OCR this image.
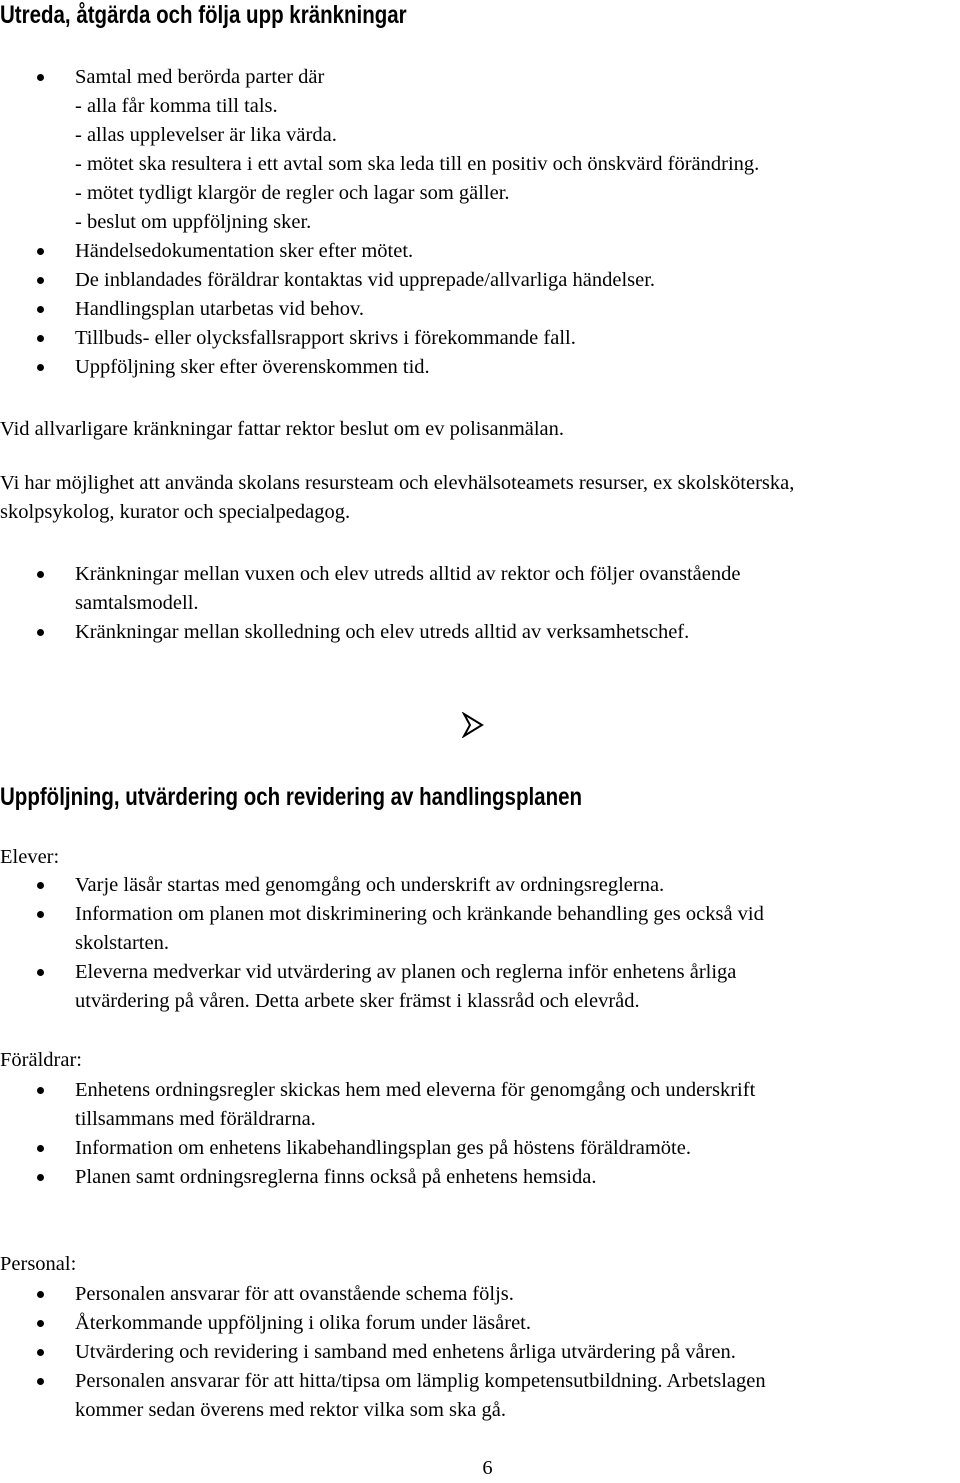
Utreda, åtgärda och följa upp kränkningar
Samtal med berörda parter där
- alla får komma till tals.
- allas upplevelser är lika värda.
- mötet ska resultera i ett avtal som ska leda till en positiv och önskvärd förändring.
- mötet tydligt klargör de regler och lagar som gäller.
- beslut om uppföljning sker.
Händelsedokumentation sker efter mötet.
De inblandades föräldrar kontaktas vid upprepade/allvarliga händelser.
Handlingsplan utarbetas vid behov.
Tillbuds- eller olycksfallsrapport skrivs i förekommande fall.
Uppföljning sker efter överenskommen tid.

Vid allvarligare kränkningar fattar rektor beslut om ev polisanmälan.

Vi har möjlighet att använda skolans resursteam och elevhälsoteamets resurser, ex skolsköterska,
skolpsykolog, kurator och specialpedagog.

Kränkningar mellan vuxen och elev utreds alltid av rektor och följer ovanstående
samtalsmodell.
Kränkningar mellan skolledning och elev utreds alltid av verksamhetschef.
Uppföljning, utvärdering och revidering av handlingsplanen

Elever:

Varje läsår startas med genomgång och underskrift av ordningsreglerna.
Information om planen mot diskriminering och kränkande behandling ges också vid
skolstarten.
Eleverna medverkar vid utvärdering av planen och reglerna inför enhetens årliga
utvärdering på våren. Detta arbete sker främst i klassråd och elevråd.

Föräldrar:

Enhetens ordningsregler skickas hem med eleverna för genomgång och underskrift
tillsammans med föräldrarna.
Information om enhetens likabehandlingsplan ges på höstens föräldramöte.
Planen samt ordningsreglerna finns också på enhetens hemsida.

Personal:

Personalen ansvarar för att ovanstående schema följs.
Återkommande uppföljning i olika forum under läsåret.
Utvärdering och revidering i samband med enhetens årliga utvärdering på våren.
Personalen ansvarar för att hitta/tipsa om lämplig kompetensutbildning. Arbetslagen
kommer sedan överens med rektor vilka som ska gå.

6
